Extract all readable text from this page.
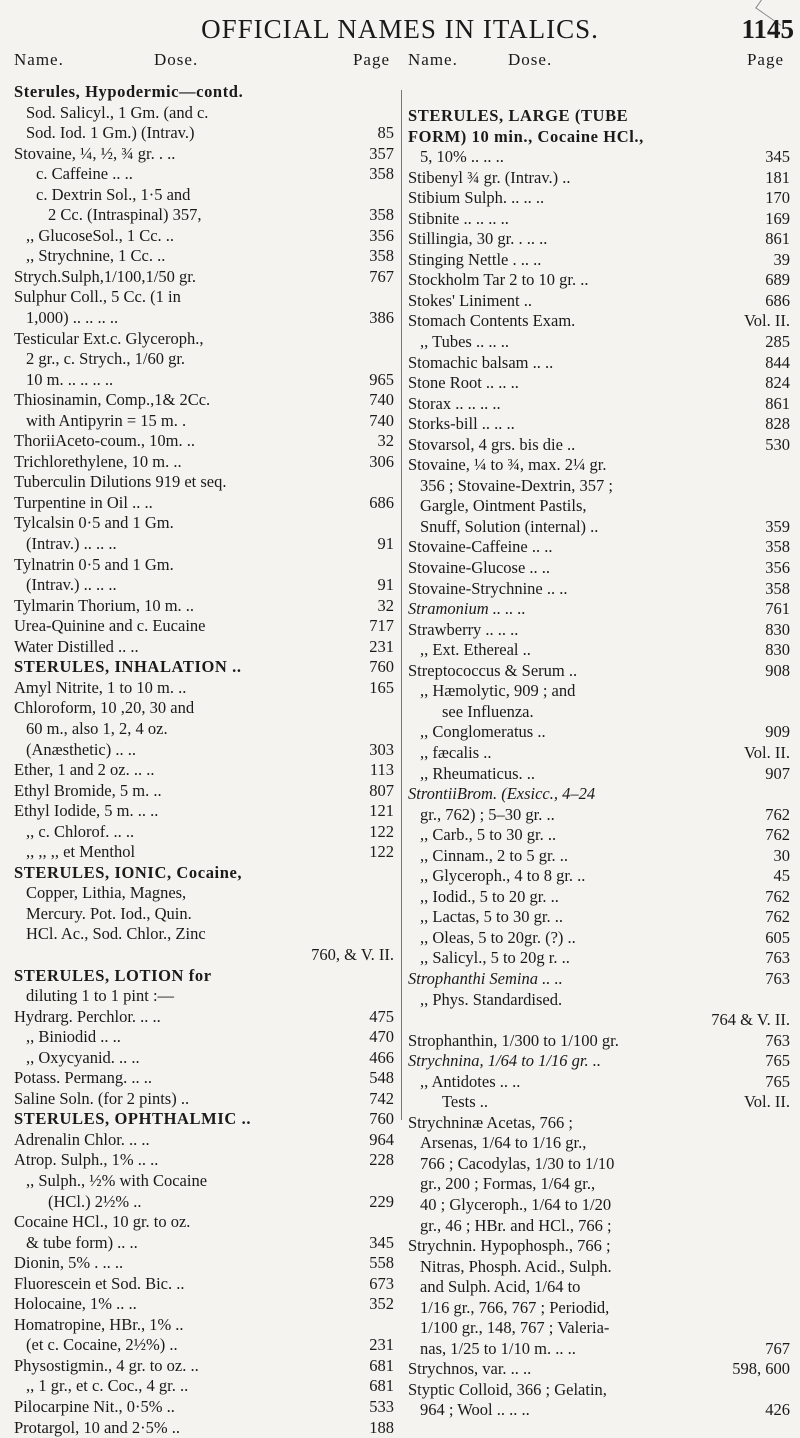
OFFICIAL NAMES IN ITALICS.	1145
Name.	Dose.	Page Name.	Dose.	Page
Sterules, Hypodermic—contd.
Sod. Salicyl., 1 Gm. (and c.
Sod. Iod. 1 Gm.) (Intrav.)	85
Stovaine, ¼, ½, ¾ gr. . ..	357
c. Caffeine .. ..	358
c. Dextrin Sol., 1·5 and
2 Cc. (Intraspinal) 357,	358
,, GlucoseSol., 1 Cc. ..	356
,, Strychnine, 1 Cc. ..	358
Strych.Sulph,1/100,1/50 gr.	767
Sulphur Coll., 5 Cc. (1 in
1,000) .. .. .. ..	386
Testicular Ext.c. Glyceroph.,
2 gr., c. Strych., 1/60 gr.
10 m. .. .. .. ..	965
Thiosinamin, Comp.,1& 2Cc.	740
with Antipyrin = 15 m. .	740
ThoriiAceto-coum., 10m. ..	32
Trichlorethylene, 10 m. ..	306
Tuberculin Dilutions 919 et seq.
Turpentine in Oil .. ..	686
Tylcalsin 0·5 and 1 Gm.
(Intrav.) .. .. ..	91
Tylnatrin 0·5 and 1 Gm.
(Intrav.) .. .. ..	91
Tylmarin Thorium, 10 m. ..	32
Urea-Quinine and c. Eucaine	717
Water Distilled .. ..	231
STERULES, INHALATION ..	760
Amyl Nitrite, 1 to 10 m. ..	165
Chloroform, 10 ,20, 30 and
60 m., also 1, 2, 4 oz.
(Anæsthetic) .. ..	303
Ether, 1 and 2 oz. .. ..	113
Ethyl Bromide, 5 m. ..	807
Ethyl Iodide, 5 m. .. ..	121
,, c. Chlorof. .. ..	122
,, ,, ,, et Menthol	122
STERULES, IONIC, Cocaine,
Copper, Lithia, Magnes,
Mercury. Pot. Iod., Quin.
HCl. Ac., Sod. Chlor., Zinc
760, & V. II.
STERULES, LOTION for
diluting 1 to 1 pint :—
Hydrarg. Perchlor. .. ..	475
,, Biniodid .. ..	470
,, Oxycyanid. .. ..	466
Potass. Permang. .. ..	548
Saline Soln. (for 2 pints) ..	742
STERULES, OPHTHALMIC ..	760
Adrenalin Chlor. .. ..	964
Atrop. Sulph., 1% .. ..	228
,, Sulph., ½% with Cocaine
(HCl.) 2½% ..	229
Cocaine HCl., 10 gr. to oz.
& tube form) .. ..	345
Dionin, 5% . .. ..	558
Fluorescein et Sod. Bic. ..	673
Holocaine, 1% .. ..	352
Homatropine, HBr., 1% ..
(et c. Cocaine, 2½%) ..	231
Physostigmin., 4 gr. to oz. ..	681
,, 1 gr., et c. Coc., 4 gr. ..	681
Pilocarpine Nit., 0·5% ..	533
Protargol, 10 and 2·5% ..	188
STERULES, LARGE (TUBE
FORM) 10 min., Cocaine HCl.,
5, 10% .. .. ..	345
Stibenyl ¾ gr. (Intrav.) ..	181
Stibium Sulph. .. .. ..	170
Stibnite .. .. .. ..	169
Stillingia, 30 gr. . .. ..	861
Stinging Nettle . .. ..	39
Stockholm Tar 2 to 10 gr. ..	689
Stokes' Liniment ..	686
Stomach Contents Exam.	Vol. II.
,, Tubes .. .. ..	285
Stomachic balsam .. ..	844
Stone Root .. .. ..	824
Storax .. .. .. ..	861
Storks-bill .. .. ..	828
Stovarsol, 4 grs. bis die ..	530
Stovaine, ¼ to ¾, max. 2¼ gr.
356 ; Stovaine-Dextrin, 357 ;
Gargle, Ointment Pastils,
Snuff, Solution (internal) ..	359
Stovaine-Caffeine .. ..	358
Stovaine-Glucose .. ..	356
Stovaine-Strychnine .. ..	358
Stramonium .. .. ..	761
Strawberry .. .. ..	830
,, Ext. Ethereal ..	830
Streptococcus & Serum ..	908
,, Hæmolytic, 909 ; and
see Influenza.
,, Conglomeratus ..	909
,, fæcalis ..	Vol. II.
,, Rheumaticus. ..	907
StrontiiBrom. (Exsicc., 4–24
gr., 762) ; 5–30 gr. ..	762
,, Carb., 5 to 30 gr. ..	762
,, Cinnam., 2 to 5 gr. ..	30
,, Glyceroph., 4 to 8 gr. ..	45
,, Iodid., 5 to 20 gr. ..	762
,, Lactas, 5 to 30 gr. ..	762
,, Oleas, 5 to 20gr. (?) ..	605
,, Salicyl., 5 to 20g r. ..	763
Strophanthi Semina .. ..	763
,, Phys. Standardised.
764 & V. II.
Strophanthin, 1/300 to 1/100 gr.	763
Strychnina, 1/64 to 1/16 gr. ..	765
,, Antidotes .. ..	765
Tests ..	Vol. II.
Strychninæ Acetas, 766 ;
Arsenas, 1/64 to 1/16 gr.,
766 ; Cacodylas, 1/30 to 1/10
gr., 200 ; Formas, 1/64 gr.,
40 ; Glyceroph., 1/64 to 1/20
gr., 46 ; HBr. and HCl., 766 ;
Strychnin. Hypophosph., 766 ;
Nitras, Phosph. Acid., Sulph.
and Sulph. Acid, 1/64 to
1/16 gr., 766, 767 ; Periodid,
1/100 gr., 148, 767 ; Valeria-
nas, 1/25 to 1/10 m. .. ..	767
Strychnos, var. .. ..	598, 600
Styptic Colloid, 366 ; Gelatin,
964 ; Wool .. .. ..	426
